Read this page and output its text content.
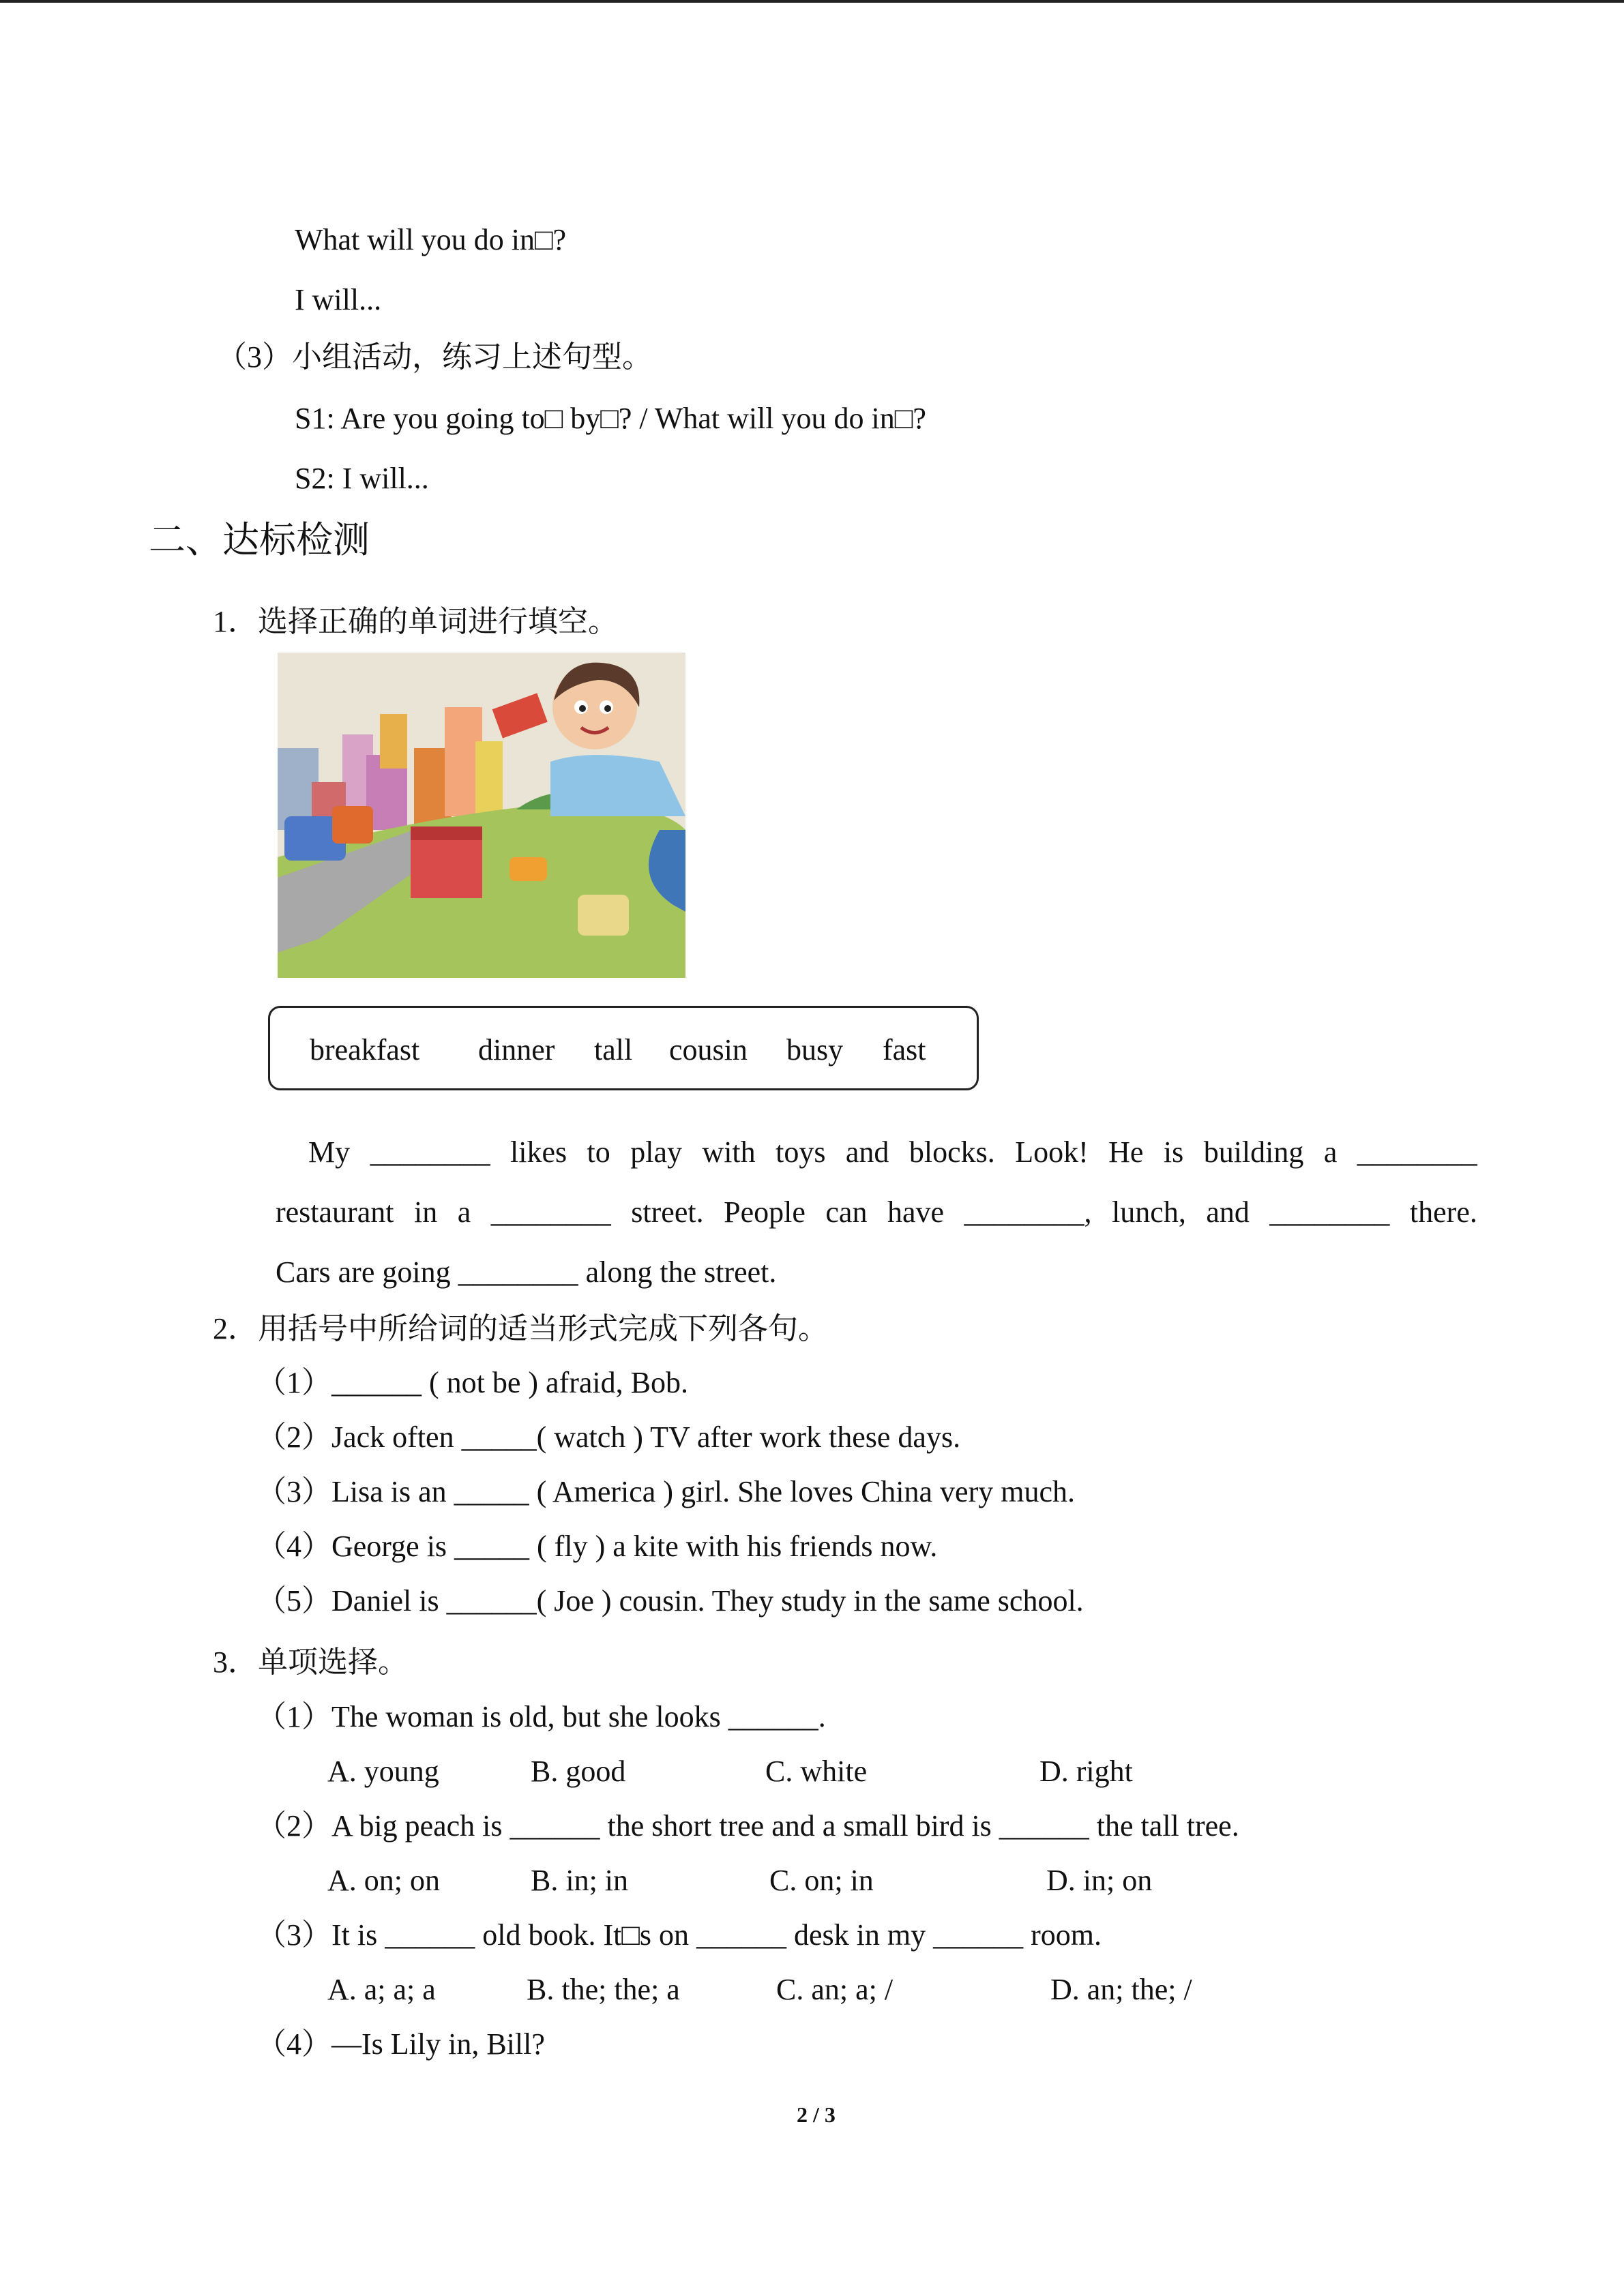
What will you do in□?
I will...
（3）小组活动，练习上述句型。
S1: Are you going to□ by□? / What will you do in□?
S2: I will...
二、达标检测
1．选择正确的单词进行填空。
breakfast dinner tall cousin busy fast
My ________ likes to play with toys and blocks. Look! He is building a ________
restaurant in a ________ street. People can have ________, lunch, and ________ there.
Cars are going ________ along the street.
2．用括号中所给词的适当形式完成下列各句。
（1）______ ( not be ) afraid, Bob.
（2）Jack often _____( watch ) TV after work these days.
（3）Lisa is an _____ ( America ) girl. She loves China very much.
（4）George is _____ ( fly ) a kite with his friends now.
（5）Daniel is ______( Joe ) cousin. They study in the same school.
3．单项选择。
（1）The woman is old, but she looks ______.
A. young	B. good	C. white	D. right
（2）A big peach is ______ the short tree and a small bird is ______ the tall tree.
A. on; on	B. in; in	C. on; in	D. in; on
（3）It is ______ old book. It□s on ______ desk in my ______ room.
A. a; a; a	B. the; the; a	C. an; a; /	D. an; the; /
（4）—Is Lily in, Bill?
2 / 3
